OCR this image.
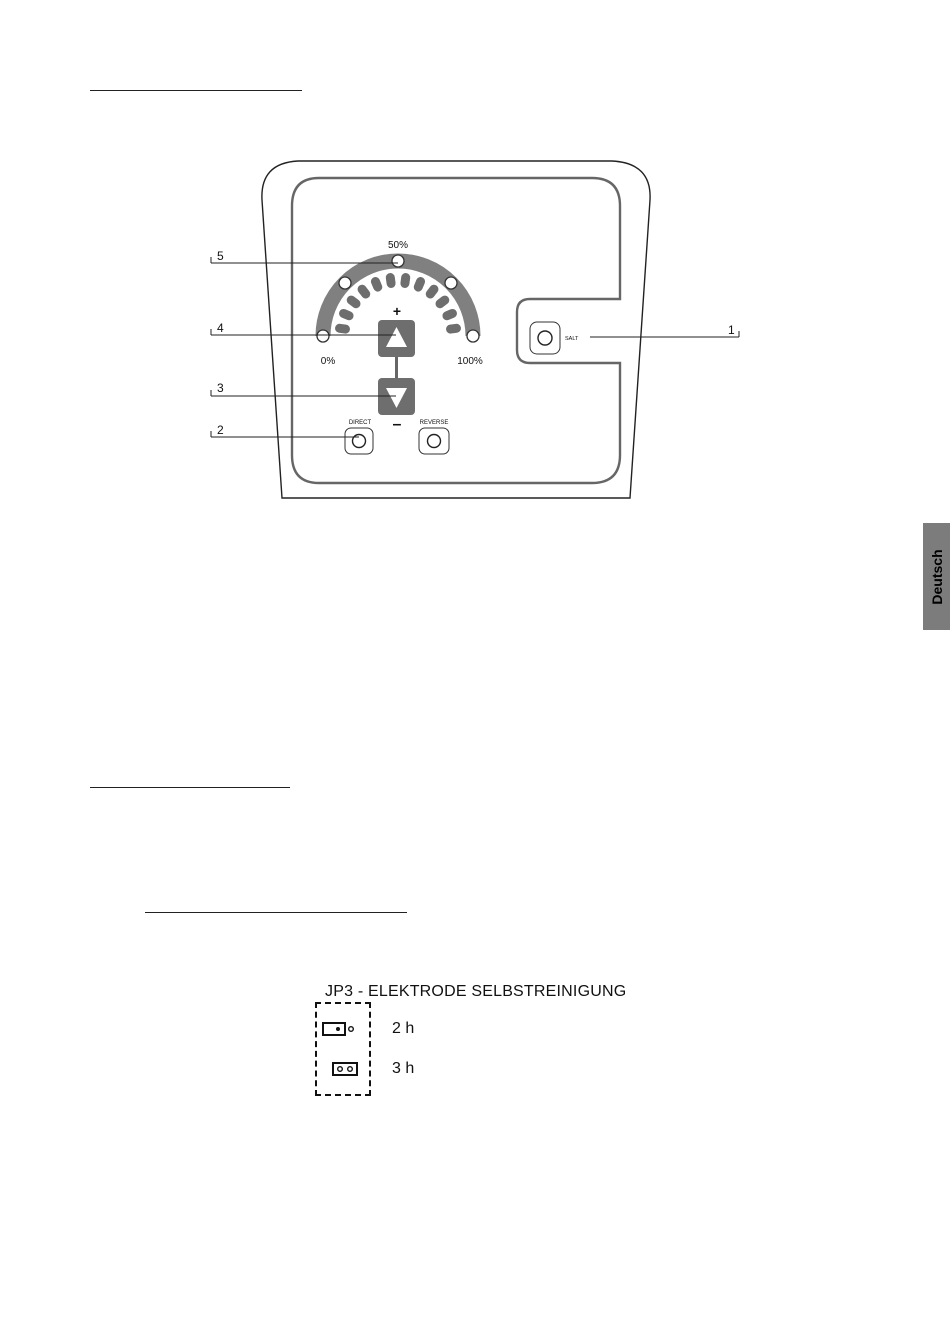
50%
0%	100%
+
–
DIRECT	REVERSE
SALT
1
2
3
4
5
Deutsch
JP3 - ELEKTRODE SELBSTREINIGUNG
2 h
3 h
